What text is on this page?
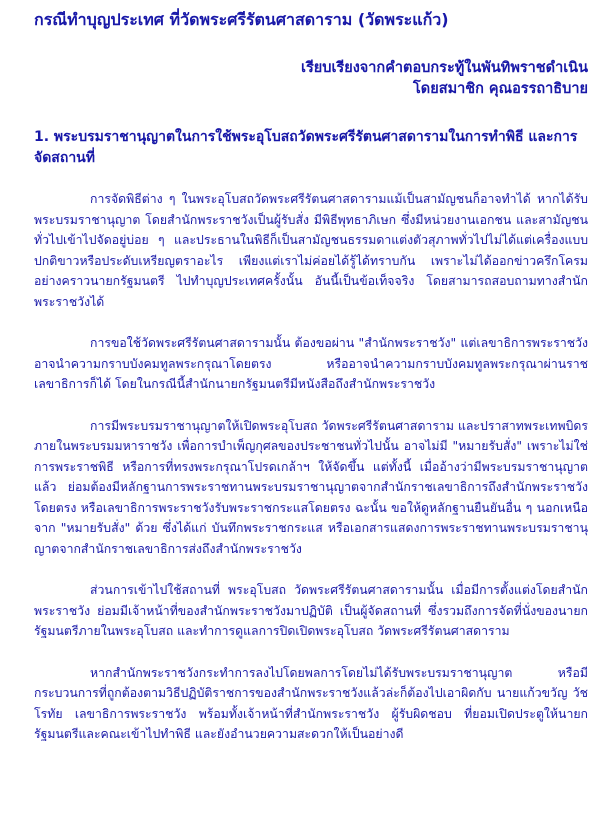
กรณีทำบุญประเทศ ที่วัดพระศรีรัตนศาสดาราม (วัดพระแก้ว)
เรียบเรียงจากคำตอบกระทู้ในพันทิพราชดำเนิน
โดยสมาชิก คุณอรรถาธิบาย
1. พระบรมราชานุญาตในการใช้พระอุโบสถวัดพระศรีรัตนศาสดารามในการทำพิธี และการจัดสถานที่

การจัดพิธีต่าง ๆ ในพระอุโบสถวัดพระศรีรัตนศาสดารามแม้เป็นสามัญชนก็อาจทำได้ หากได้รับพระบรมราชานุญาต โดยสำนักพระราชวังเป็นผู้รับสั่ง มีพิธีพุทธาภิเษก ซึ่งมีหน่วยงานเอกชน และสามัญชนทั่วไปเข้าไปจัดอยู่บ่อย ๆ และประธานในพิธีก็เป็นสามัญชนธรรมดาแต่งตัวสุภาพทั่วไปไม่ได้แต่เครื่องแบบปกติขาวหรือประดับเหรียญตราอะไร เพียงแต่เราไม่ค่อยได้รู้ได้ทราบกัน เพราะไม่ได้ออกข่าวครึกโครมอย่างคราวนายกรัฐมนตรี ไปทำบุญประเทศครั้งนั้น อันนี้เป็นข้อเท็จจริง โดยสามารถสอบถามทางสำนักพระราชวังได้

การขอใช้วัดพระศรีรัตนศาสดารามนั้น ต้องขอผ่าน "สำนักพระราชวัง" แต่เลขาธิการพระราชวังอาจนำความกราบบังคมทูลพระกรุณาโดยตรง หรืออาจนำความกราบบังคมทูลพระกรุณาผ่านราชเลขาธิการก็ได้ โดยในกรณีนี้สำนักนายกรัฐมนตรีมีหนังสือถึงสำนักพระราชวัง

การมีพระบรมราชานุญาตให้เปิดพระอุโบสถ วัดพระศรีรัตนศาสดาราม และปราสาทพระเทพบิดรภายในพระบรมมหาราชวัง เพื่อการบำเพ็ญกุศลของประชาชนทั่วไปนั้น อาจไม่มี "หมายรับสั่ง" เพราะไม่ใช่การพระราชพิธี หรือการที่ทรงพระกรุณาโปรดเกล้าฯ ให้จัดขึ้น แต่ทั้งนี้ เมื่ออ้างว่ามีพระบรมราชานุญาตแล้ว ย่อมต้องมีหลักฐานการพระราชทานพระบรมราชานุญาตจากสำนักราชเลขาธิการถึงสำนักพระราชวังโดยตรง หรือเลขาธิการพระราชวังรับพระราชกระแสโดยตรง ฉะนั้น ขอให้ดูหลักฐานยืนยันอื่น ๆ นอกเหนือจาก "หมายรับสั่ง" ด้วย ซึ่งได้แก่ บันทึกพระราชกระแส หรือเอกสารแสดงการพระราชทานพระบรมราชานุญาตจากสำนักราชเลขาธิการส่งถึงสำนักพระราชวัง

ส่วนการเข้าไปใช้สถานที่ พระอุโบสถ วัดพระศรีรัตนศาสดารามนั้น เมื่อมีการตั้งแต่งโดยสำนักพระราชวัง ย่อมมีเจ้าหน้าที่ของสำนักพระราชวังมาปฏิบัติ เป็นผู้จัดสถานที่ ซึ่งรวมถึงการจัดที่นั่งของนายกรัฐมนตรีภายในพระอุโบสถ และทำการดูแลการปิดเปิดพระอุโบสถ วัดพระศรีรัตนศาสดาราม

หากสำนักพระราชวังกระทำการลงไปโดยพลการโดยไม่ได้รับพระบรมราชานุญาต หรือมีกระบวนการที่ถูกต้องตามวิธีปฏิบัติราชการของสำนักพระราชวังแล้วล่ะก็ต้องไปเอาผิดกับ นายแก้วขวัญ วัชโรทัย เลขาธิการพระราชวัง พร้อมทั้งเจ้าหน้าที่สำนักพระราชวัง ผู้รับผิดชอบ ที่ยอมเปิดประตูให้นายกรัฐมนตรีและคณะเข้าไปทำพิธี และยังอำนวยความสะดวกให้เป็นอย่างดี
